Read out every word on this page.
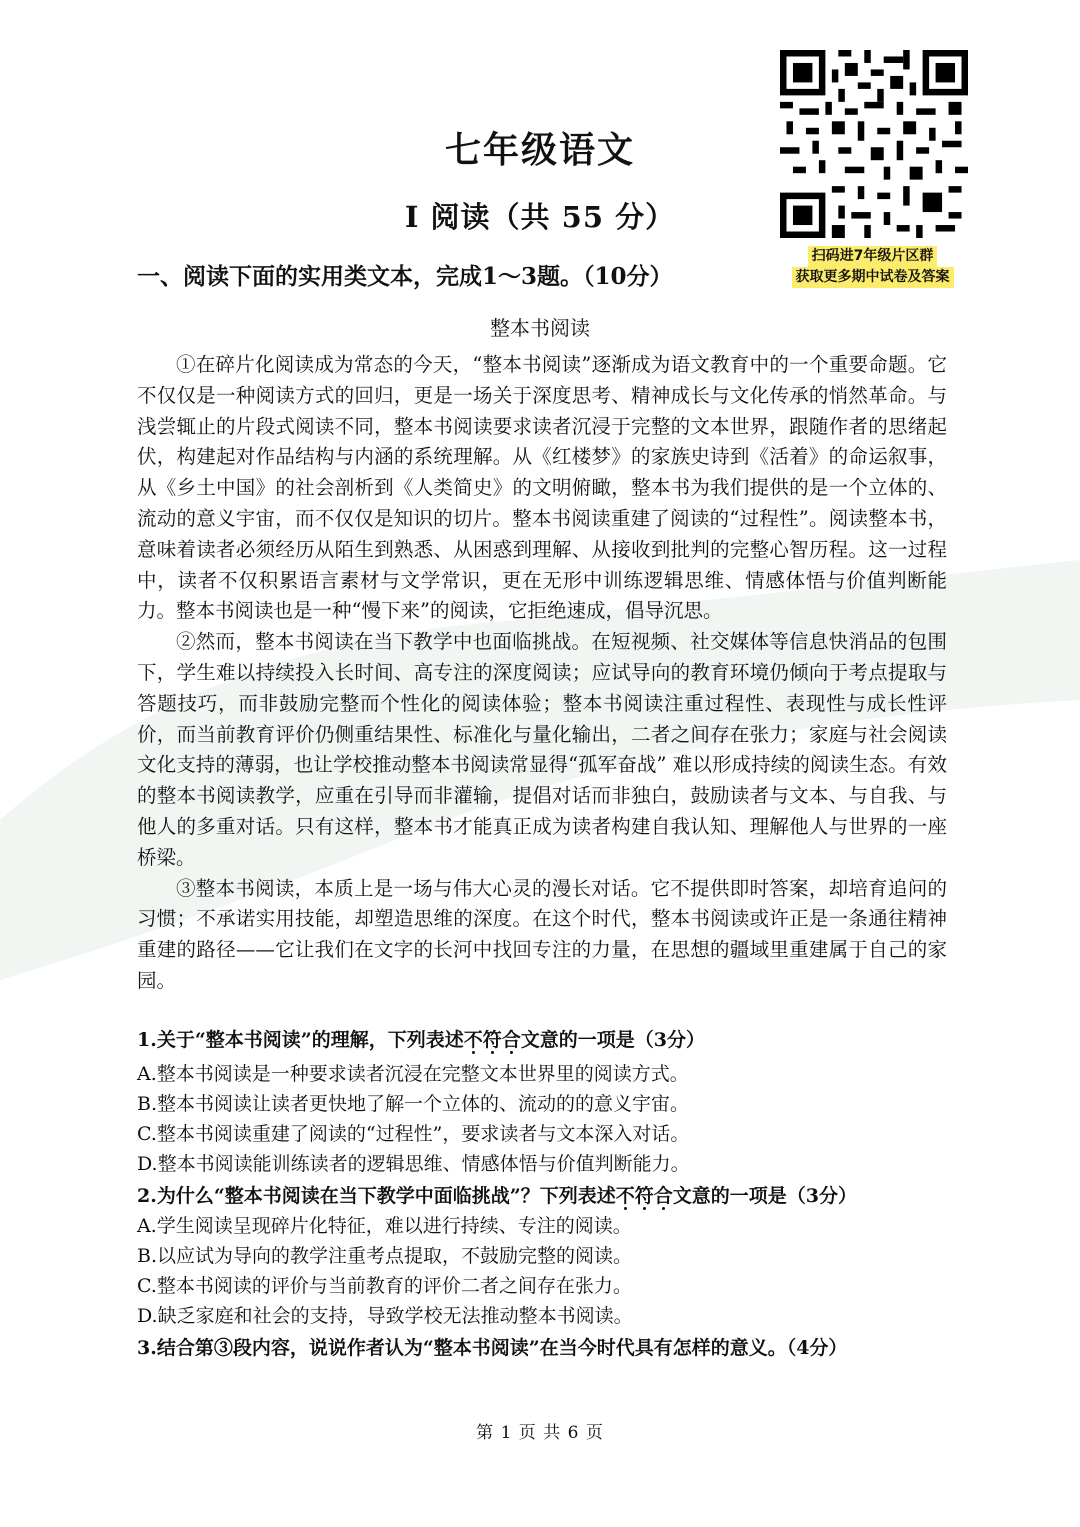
七年级语文
Ⅰ 阅读（共 55 分）
一、阅读下面的实用类文本，完成1～3题。（10分）
扫码进7年级片区群
获取更多期中试卷及答案
整本书阅读

①在碎片化阅读成为常态的今天，“整本书阅读”逐渐成为语文教育中的一个重要命题。它不仅仅是一种阅读方式的回归，更是一场关于深度思考、精神成长与文化传承的悄然革命。与浅尝辄止的片段式阅读不同，整本书阅读要求读者沉浸于完整的文本世界，跟随作者的思绪起伏，构建起对作品结构与内涵的系统理解。从《红楼梦》的家族史诗到《活着》的命运叙事，从《乡土中国》的社会剖析到《人类简史》的文明俯瞰，整本书为我们提供的是一个立体的、流动的意义宇宙，而不仅仅是知识的切片。整本书阅读重建了阅读的“过程性”。阅读整本书，意味着读者必须经历从陌生到熟悉、从困惑到理解、从接收到批判的完整心智历程。这一过程中，读者不仅积累语言素材与文学常识，更在无形中训练逻辑思维、情感体悟与价值判断能力。整本书阅读也是一种“慢下来”的阅读，它拒绝速成，倡导沉思。

②然而，整本书阅读在当下教学中也面临挑战。在短视频、社交媒体等信息快消品的包围下，学生难以持续投入长时间、高专注的深度阅读；应试导向的教育环境仍倾向于考点提取与答题技巧，而非鼓励完整而个性化的阅读体验；整本书阅读注重过程性、表现性与成长性评价，而当前教育评价仍侧重结果性、标准化与量化输出，二者之间存在张力；家庭与社会阅读文化支持的薄弱，也让学校推动整本书阅读常显得“孤军奋战” 难以形成持续的阅读生态。有效的整本书阅读教学，应重在引导而非灌输，提倡对话而非独白，鼓励读者与文本、与自我、与他人的多重对话。只有这样，整本书才能真正成为读者构建自我认知、理解他人与世界的一座桥梁。

③整本书阅读，本质上是一场与伟大心灵的漫长对话。它不提供即时答案，却培育追问的习惯；不承诺实用技能，却塑造思维的深度。在这个时代，整本书阅读或许正是一条通往精神重建的路径——它让我们在文字的长河中找回专注的力量，在思想的疆域里重建属于自己的家园。

1.关于“整本书阅读”的理解，下列表述不符合文意的一项是（3分）

A.整本书阅读是一种要求读者沉浸在完整文本世界里的阅读方式。

B.整本书阅读让读者更快地了解一个立体的、流动的的意义宇宙。

C.整本书阅读重建了阅读的“过程性”，要求读者与文本深入对话。

D.整本书阅读能训练读者的逻辑思维、情感体悟与价值判断能力。

2.为什么“整本书阅读在当下教学中面临挑战”？下列表述不符合文意的一项是（3分）

A.学生阅读呈现碎片化特征，难以进行持续、专注的阅读。

B.以应试为导向的教学注重考点提取，不鼓励完整的阅读。

C.整本书阅读的评价与当前教育的评价二者之间存在张力。

D.缺乏家庭和社会的支持，导致学校无法推动整本书阅读。

3.结合第③段内容，说说作者认为“整本书阅读”在当今时代具有怎样的意义。（4分）

第 1 页 共 6 页
